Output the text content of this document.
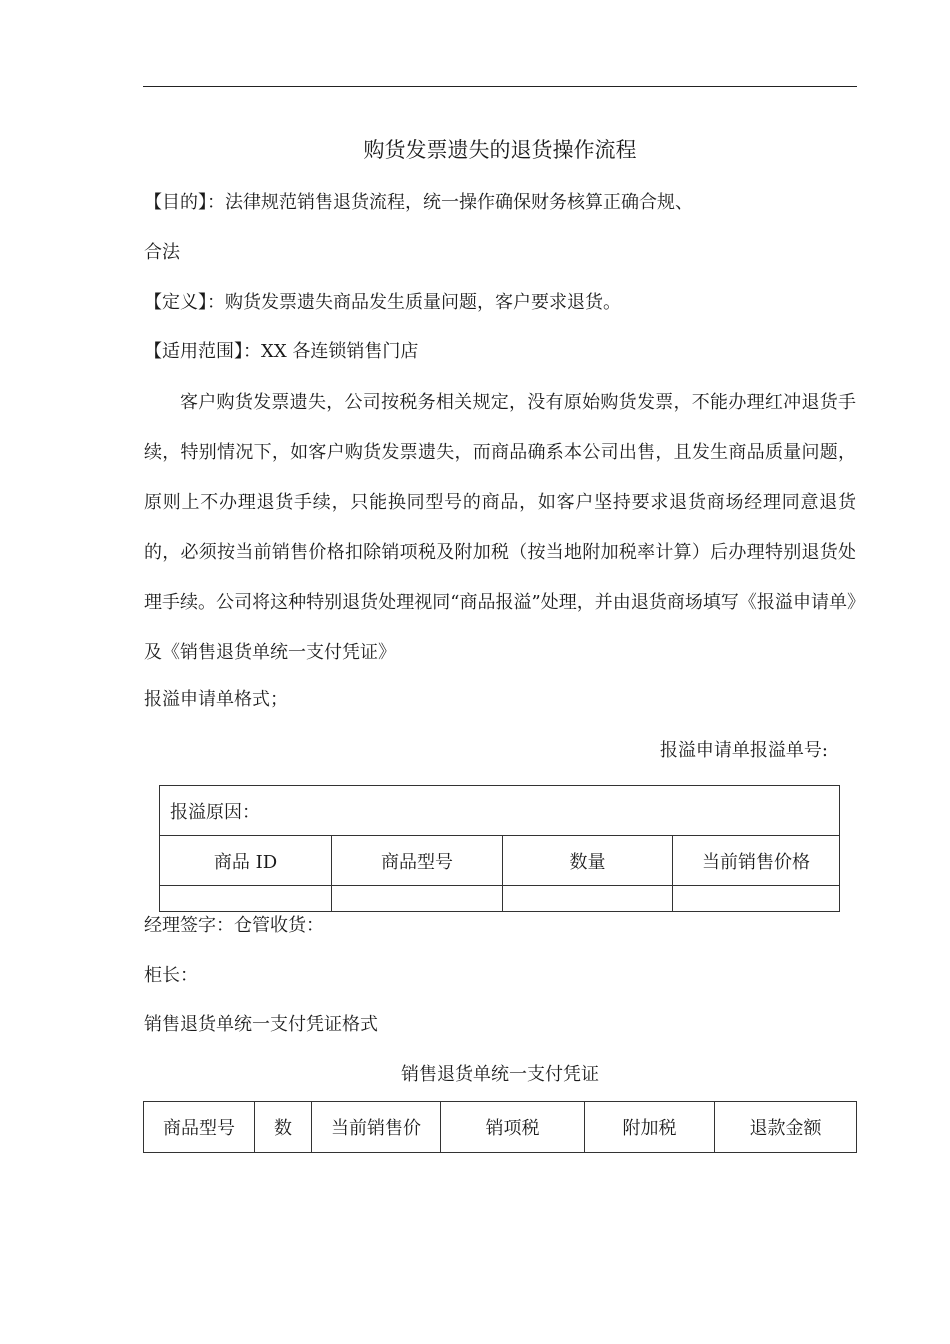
购货发票遗失的退货操作流程
【目的】：法律规范销售退货流程，统一操作确保财务核算正确合规、
合法
【定义】：购货发票遗失商品发生质量问题，客户要求退货。
【适用范围】：XX 各连锁销售门店
客户购货发票遗失，公司按税务相关规定，没有原始购货发票，不能办理红冲退货手续，特别情况下，如客户购货发票遗失，而商品确系本公司出售，且发生商品质量问题，原则上不办理退货手续，只能换同型号的商品，如客户坚持要求退货商场经理同意退货的，必须按当前销售价格扣除销项税及附加税（按当地附加税率计算）后办理特别退货处理手续。公司将这种特别退货处理视同“商品报溢”处理，并由退货商场填写《报溢申请单》及《销售退货单统一支付凭证》
报溢申请单格式；
报溢申请单报溢单号:
报溢原因：			
商品 ID	商品型号	数量	当前销售价格

经理签字：仓管收货：
柜长：
销售退货单统一支付凭证格式
销售退货单统一支付凭证
商品型号	数	当前销售价	销项税	附加税	退款金额
